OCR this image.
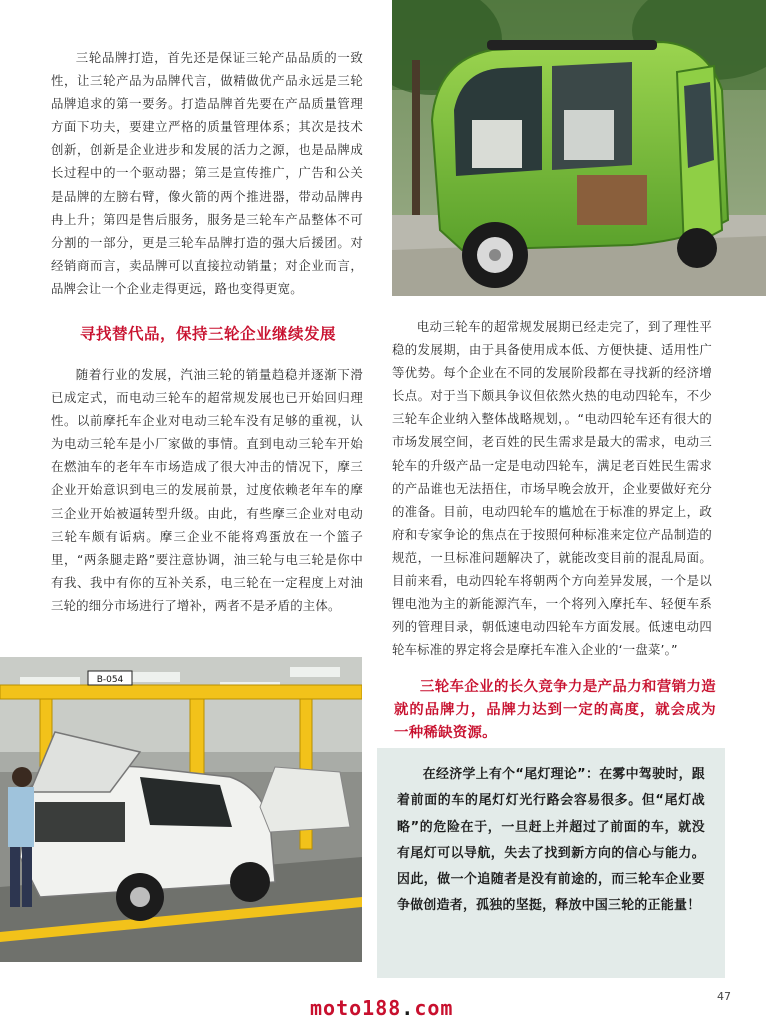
三轮品牌打造，首先还是保证三轮产品品质的一致性，让三轮产品为品牌代言，做精做优产品永远是三轮品牌追求的第一要务。打造品牌首先要在产品质量管理方面下功夫，要建立严格的质量管理体系；其次是技术创新，创新是企业进步和发展的活力之源，也是品牌成长过程中的一个驱动器；第三是宣传推广，广告和公关是品牌的左膀右臂，像火箭的两个推进器，带动品牌冉冉上升；第四是售后服务，服务是三轮车产品整体不可分割的一部分，更是三轮车品牌打造的强大后援团。对经销商而言，卖品牌可以直接拉动销量；对企业而言，品牌会让一个企业走得更远，路也变得更宽。

寻找替代品，保持三轮企业继续发展

随着行业的发展，汽油三轮的销量趋稳并逐渐下滑已成定式，而电动三轮车的超常规发展也已开始回归理性。以前摩托车企业对电动三轮车没有足够的重视，认为电动三轮车是小厂家做的事情。直到电动三轮车开始在燃油车的老年车市场造成了很大冲击的情况下，摩三企业开始意识到电三的发展前景，过度依赖老年车的摩三企业开始被逼转型升级。由此，有些摩三企业对电动三轮车颇有诟病。摩三企业不能将鸡蛋放在一个篮子里，“两条腿走路”要注意协调，油三轮与电三轮是你中有我、我中有你的互补关系，电三轮在一定程度上对油三轮的细分市场进行了增补，两者不是矛盾的主体。

电动三轮车的超常规发展期已经走完了，到了理性平稳的发展期，由于具备使用成本低、方便快捷、适用性广等优势。每个企业在不同的发展阶段都在寻找新的经济增长点。对于当下颇具争议但依然火热的电动四轮车，不少三轮车企业纳入整体战略规划，。“电动四轮车还有很大的市场发展空间，老百姓的民生需求是最大的需求，电动三轮车的升级产品一定是电动四轮车，满足老百姓民生需求的产品谁也无法捂住，市场早晚会放开，企业要做好充分的准备。目前，电动四轮车的尴尬在于标准的界定上，政府和专家争论的焦点在于按照何种标准来定位产品制造的规范，一旦标准问题解决了，就能改变目前的混乱局面。目前来看，电动四轮车将朝两个方向差异发展，一个是以锂电池为主的新能源汽车，一个将列入摩托车、轻便车系列的管理目录，朝低速电动四轮车方面发展。低速电动四轮车标准的界定将会是摩托车准入企业的‘一盘菜’。”

三轮车企业的长久竞争力是产品力和营销力造就的品牌力，品牌力达到一定的高度，就会成为一种稀缺资源。

在经济学上有个“尾灯理论”：在雾中驾驶时，跟着前面的车的尾灯灯光行路会容易很多。但“尾灯战略”的危险在于，一旦赶上并超过了前面的车，就没有尾灯可以导航，失去了找到新方向的信心与能力。因此，做一个追随者是没有前途的，而三轮车企业要争做创造者，孤独的坚挺，释放中国三轮的正能量！

B-054
moto188.com	47
